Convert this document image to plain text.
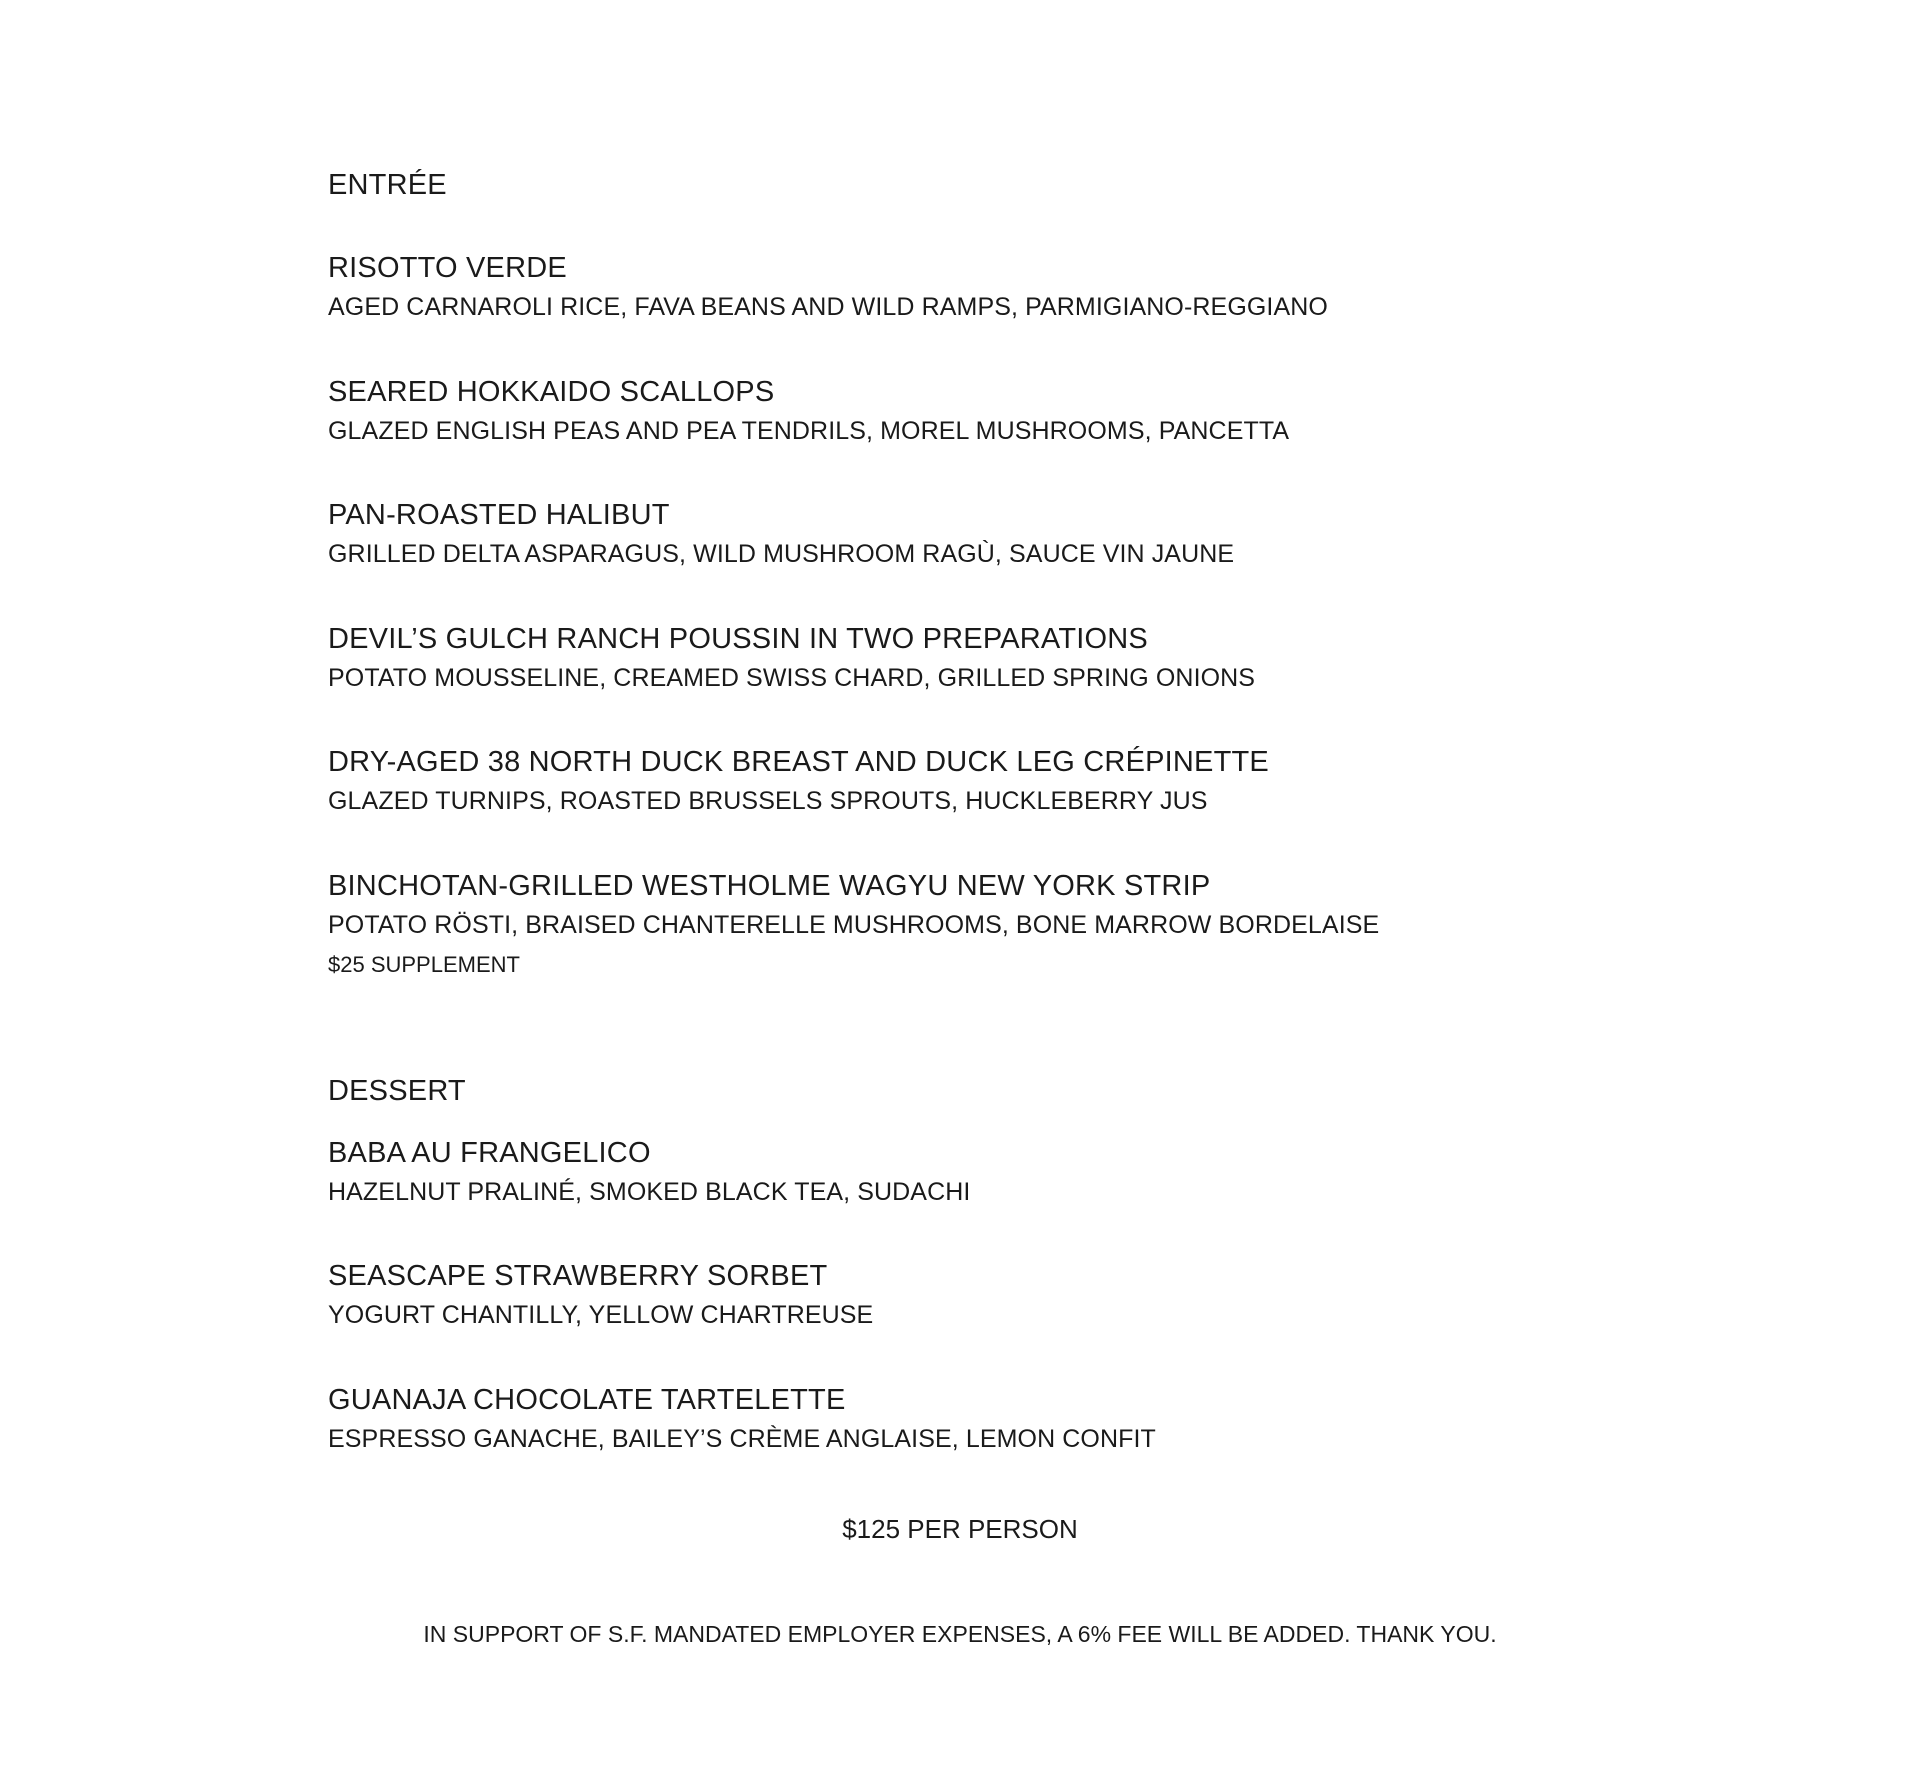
ENTRÉE
RISOTTO VERDE
AGED CARNAROLI RICE, FAVA BEANS AND WILD RAMPS, PARMIGIANO-REGGIANO
SEARED HOKKAIDO SCALLOPS
GLAZED ENGLISH PEAS AND PEA TENDRILS, MOREL MUSHROOMS, PANCETTA
PAN-ROASTED HALIBUT
GRILLED DELTA ASPARAGUS, WILD MUSHROOM RAGÙ, SAUCE VIN JAUNE
DEVIL’S GULCH RANCH POUSSIN IN TWO PREPARATIONS
POTATO MOUSSELINE, CREAMED SWISS CHARD, GRILLED SPRING ONIONS
DRY-AGED 38 NORTH DUCK BREAST AND DUCK LEG CRÉPINETTE
GLAZED TURNIPS, ROASTED BRUSSELS SPROUTS, HUCKLEBERRY JUS
BINCHOTAN-GRILLED WESTHOLME WAGYU NEW YORK STRIP
POTATO RÖSTI, BRAISED CHANTERELLE MUSHROOMS, BONE MARROW BORDELAISE
$25 SUPPLEMENT
DESSERT
BABA AU FRANGELICO
HAZELNUT PRALINÉ, SMOKED BLACK TEA, SUDACHI
SEASCAPE STRAWBERRY SORBET
YOGURT CHANTILLY, YELLOW CHARTREUSE
GUANAJA CHOCOLATE TARTELETTE
ESPRESSO GANACHE, BAILEY’S CRÈME ANGLAISE, LEMON CONFIT
$125 PER PERSON
IN SUPPORT OF S.F. MANDATED EMPLOYER EXPENSES, A 6% FEE WILL BE ADDED. THANK YOU.
